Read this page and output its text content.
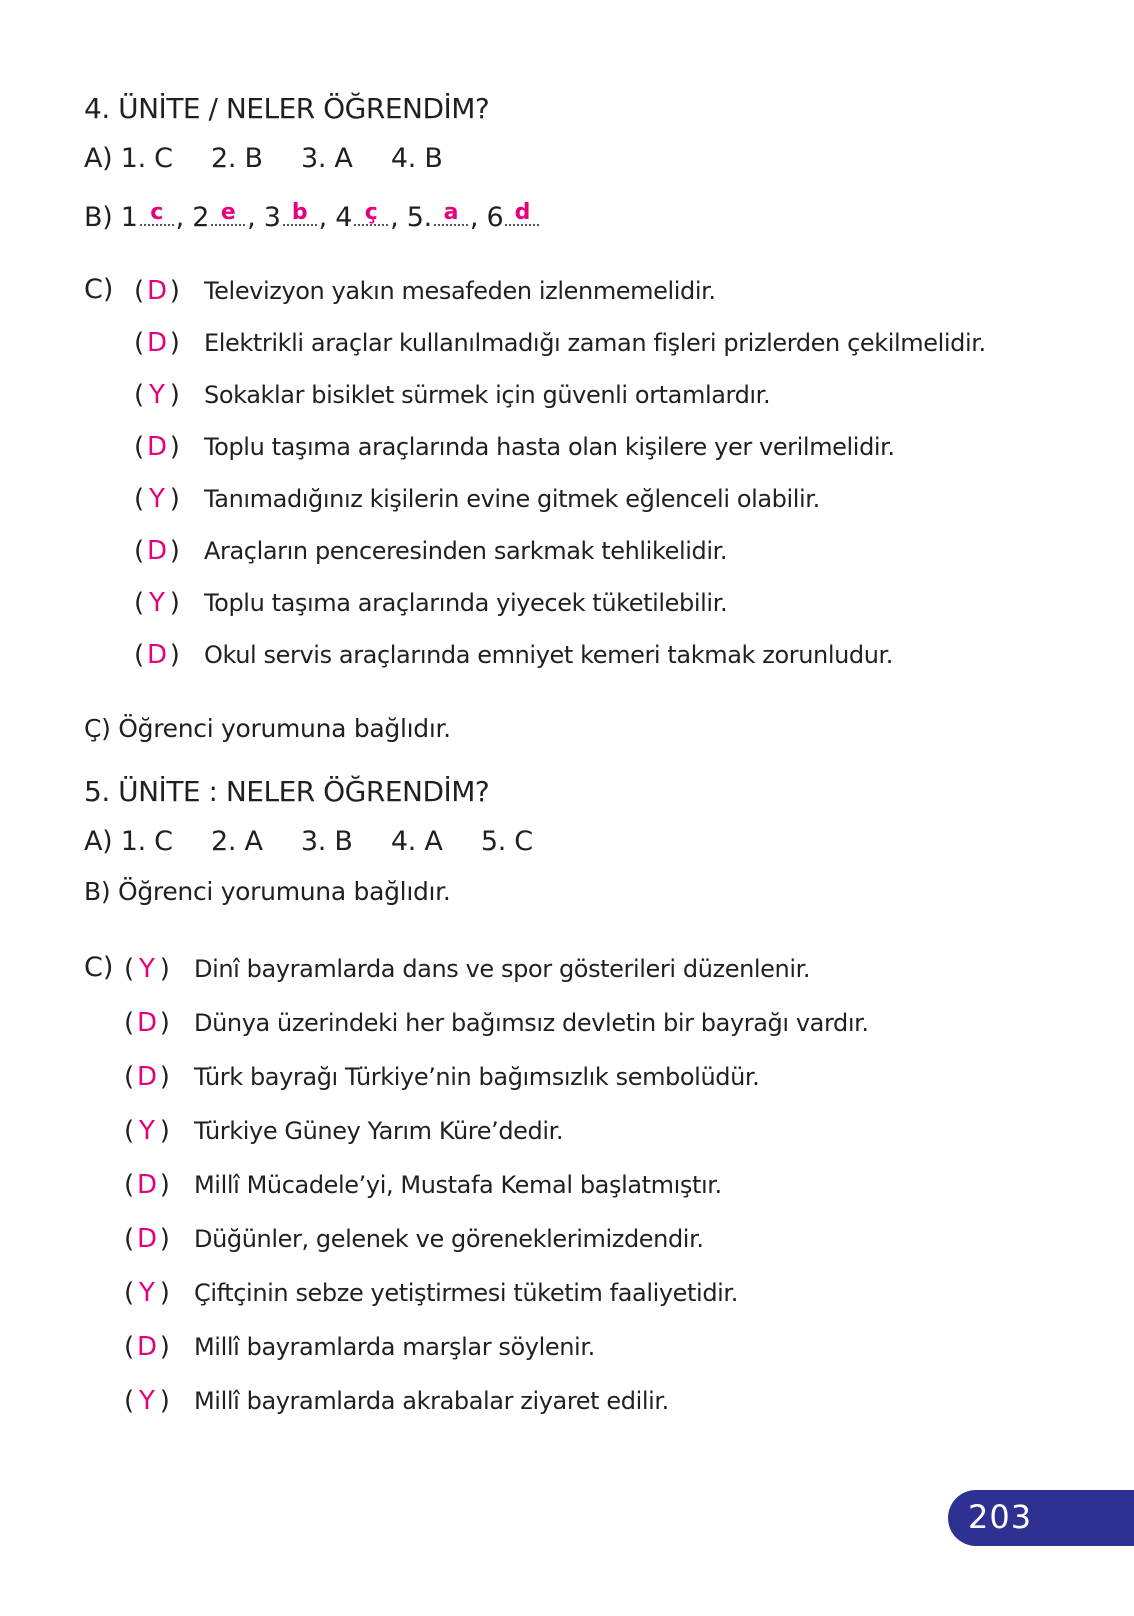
4. ÜNİTE / NELER ÖĞRENDİM?
A) 1. C 2. B 3. A 4. B
B) 1 c , 2 e , 3 b , 4 ç , 5. a , 6 d
C) ( D ) Televizyon yakın mesafeden izlenmemelidir.
( D ) Elektrikli araçlar kullanılmadığı zaman fişleri prizlerden çekilmelidir.
( Y ) Sokaklar bisiklet sürmek için güvenli ortamlardır.
( D ) Toplu taşıma araçlarında hasta olan kişilere yer verilmelidir.
( Y ) Tanımadığınız kişilerin evine gitmek eğlenceli olabilir.
( D ) Araçların penceresinden sarkmak tehlikelidir.
( Y ) Toplu taşıma araçlarında yiyecek tüketilebilir.
( D ) Okul servis araçlarında emniyet kemeri takmak zorunludur.
Ç) Öğrenci yorumuna bağlıdır.
5. ÜNİTE : NELER ÖĞRENDİM?
A) 1. C 2. A 3. B 4. A 5. C
B) Öğrenci yorumuna bağlıdır.
C) ( Y ) Dinî bayramlarda dans ve spor gösterileri düzenlenir.
( D ) Dünya üzerindeki her bağımsız devletin bir bayrağı vardır.
( D ) Türk bayrağı Türkiye’nin bağımsızlık sembolüdür.
( Y ) Türkiye Güney Yarım Küre’dedir.
( D ) Millî Mücadele’yi, Mustafa Kemal başlatmıştır.
( D ) Düğünler, gelenek ve göreneklerimizdendir.
( Y ) Çiftçinin sebze yetiştirmesi tüketim faaliyetidir.
( D ) Millî bayramlarda marşlar söylenir.
( Y ) Millî bayramlarda akrabalar ziyaret edilir.
203
